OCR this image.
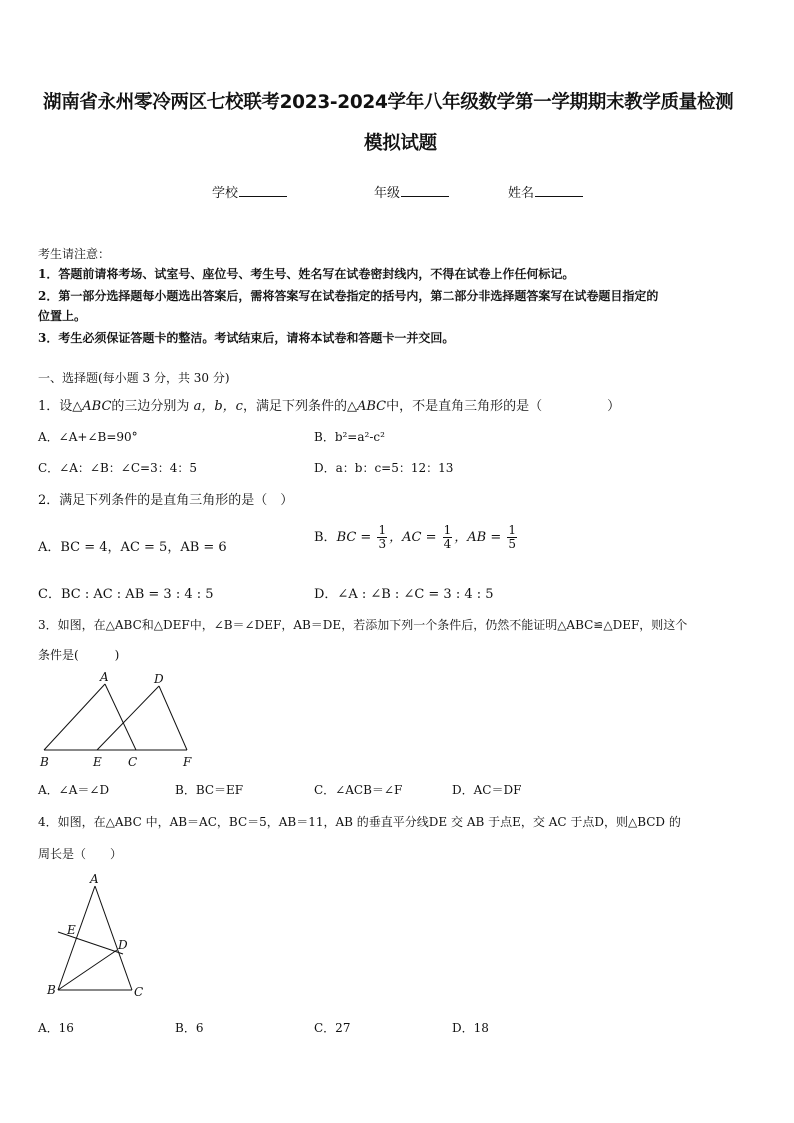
湖南省永州零冷两区七校联考2023-2024学年八年级数学第一学期期末教学质量检测
模拟试题
学校	年级	姓名
考生请注意：
1．答题前请将考场、试室号、座位号、考生号、姓名写在试卷密封线内，不得在试卷上作任何标记。
2．第一部分选择题每小题选出答案后，需将答案写在试卷指定的括号内，第二部分非选择题答案写在试卷题目指定的
位置上。
3．考生必须保证答题卡的整洁。考试结束后，请将本试卷和答题卡一并交回。
一、选择题(每小题 3 分，共 30 分)
1．设△ABC的三边分别为 a，b，c，满足下列条件的△ABC中，不是直角三角形的是（　　　　　）
A．∠A+∠B=90°	B．b²=a²-c²
C．∠A：∠B：∠C=3：4：5	D．a：b：c=5：12：13
2．满足下列条件的是直角三角形的是（　）
A．BC = 4，AC = 5，AB = 6
B．BC = $\frac{1}{3}$ ，AC = $\frac{1}{4}$ ，AB = $\frac{1}{5}$
C．BC : AC : AB = 3 : 4 : 5	D．∠A : ∠B : ∠C = 3 : 4 : 5
3．如图，在△ABC和△DEF中，∠B＝∠DEF，AB＝DE，若添加下列一个条件后，仍然不能证明△ABC≌△DEF，则这个
条件是(　　　)
A	D
B	E C	F
A．∠A＝∠D	B．BC＝EF	C．∠ACB＝∠F	D．AC＝DF
4．如图，在△ABC 中，AB＝AC，BC＝5，AB＝11，AB 的垂直平分线DE 交 AB 于点E，交 AC 于点D，则△BCD 的
周长是（　　）
A
E
D
B	C
A．16	B．6	C．27	D．18
